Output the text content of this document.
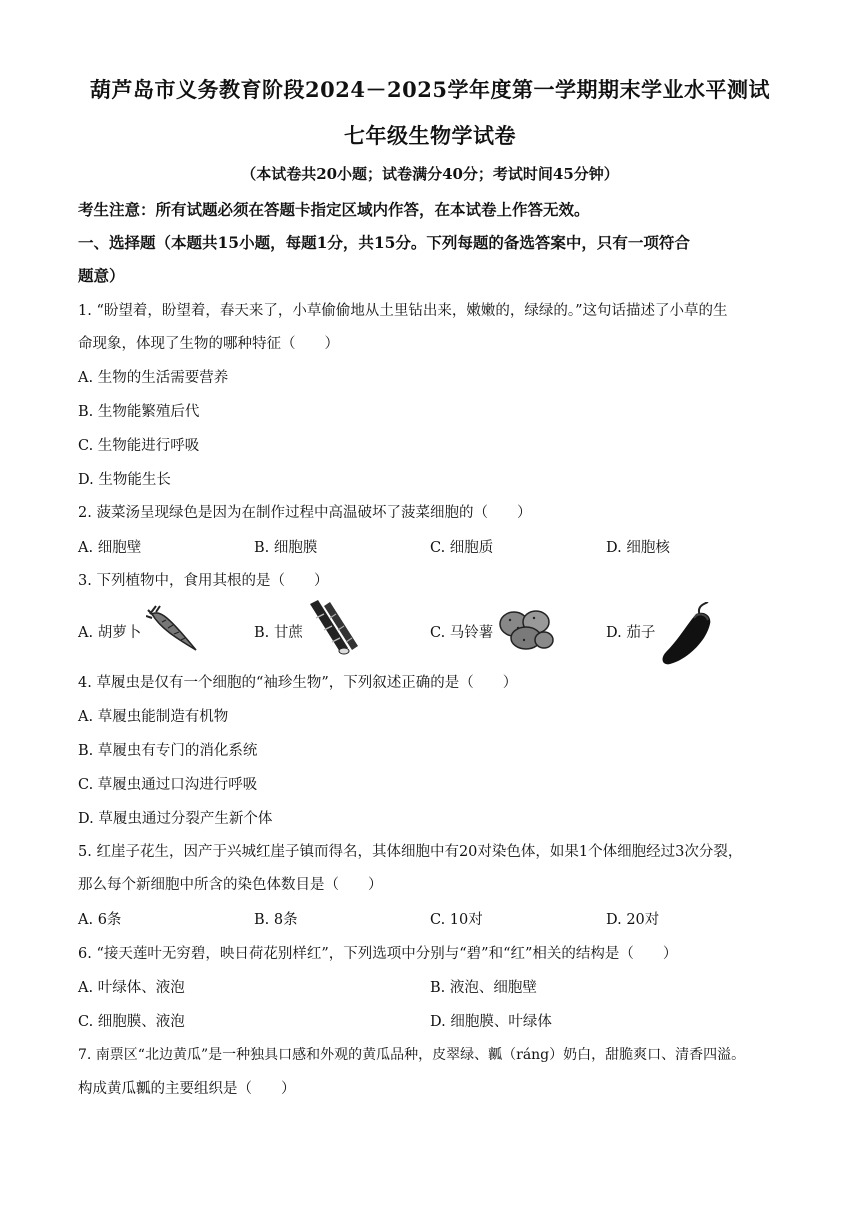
葫芦岛市义务教育阶段2024－2025学年度第一学期期末学业水平测试
七年级生物学试卷
（本试卷共20小题；试卷满分40分；考试时间45分钟）
考生注意：所有试题必须在答题卡指定区域内作答，在本试卷上作答无效。
一、选择题（本题共15小题，每题1分，共15分。下列每题的备选答案中，只有一项符合
题意）
1. “盼望着，盼望着，春天来了，小草偷偷地从土里钻出来，嫩嫩的，绿绿的。”这句话描述了小草的生
命现象，体现了生物的哪种特征（　　）
A. 生物的生活需要营养
B. 生物能繁殖后代
C. 生物能进行呼吸
D. 生物能生长
2. 菠菜汤呈现绿色是因为在制作过程中高温破坏了菠菜细胞的（　　）
A. 细胞壁	B. 细胞膜	C. 细胞质	D. 细胞核
3. 下列植物中，食用其根的是（　　）
A. 胡萝卜	B. 甘蔗	C. 马铃薯	D. 茄子
4. 草履虫是仅有一个细胞的“袖珍生物”，下列叙述正确的是（　　）
A. 草履虫能制造有机物
B. 草履虫有专门的消化系统
C. 草履虫通过口沟进行呼吸
D. 草履虫通过分裂产生新个体
5. 红崖子花生，因产于兴城红崖子镇而得名，其体细胞中有20对染色体，如果1个体细胞经过3次分裂，
那么每个新细胞中所含的染色体数目是（　　）
A. 6条	B. 8条	C. 10对	D. 20对
6. “接天莲叶无穷碧，映日荷花别样红”，下列选项中分别与“碧”和“红”相关的结构是（　　）
A. 叶绿体、液泡	B. 液泡、细胞壁
C. 细胞膜、液泡	D. 细胞膜、叶绿体
7. 南票区“北边黄瓜”是一种独具口感和外观的黄瓜品种，皮翠绿、瓤（ráng）奶白，甜脆爽口、清香四溢。
构成黄瓜瓤的主要组织是（　　）
